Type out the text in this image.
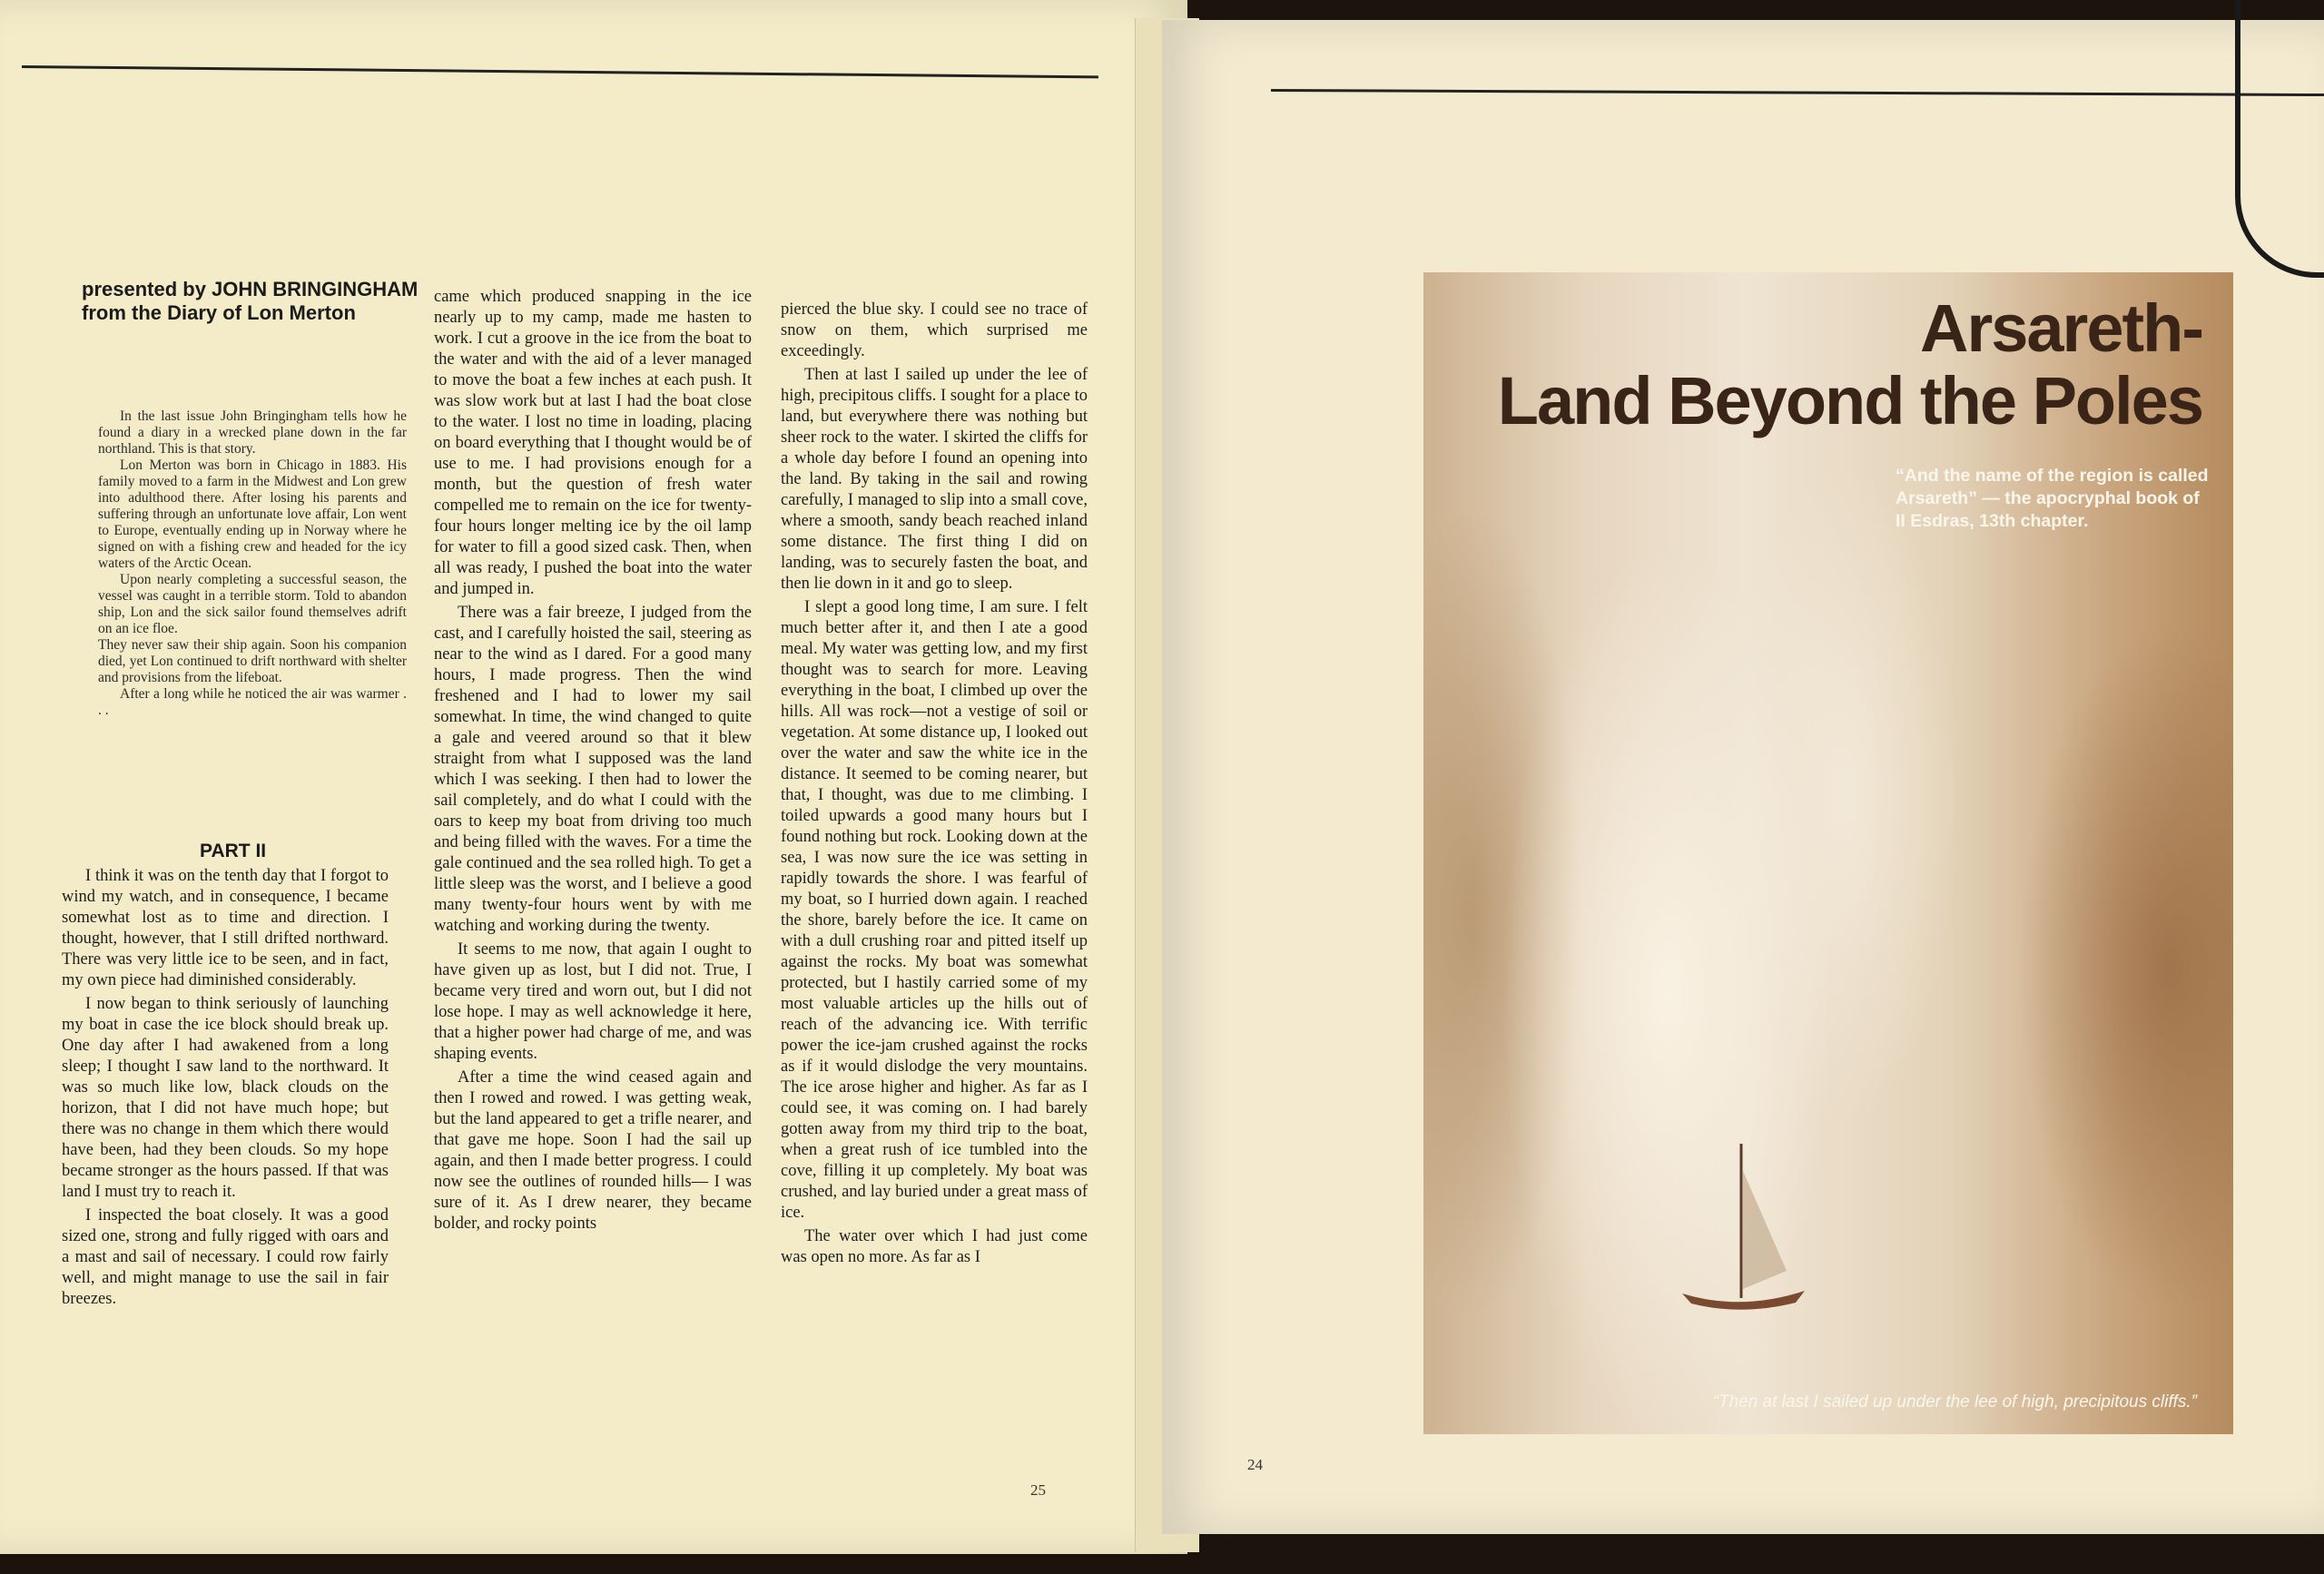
presented by JOHN BRINGINGHAM
from the Diary of Lon Merton

In the last issue John Bringingham tells how he found a diary in a wrecked plane down in the far northland. This is that story.

Lon Merton was born in Chicago in 1883. His family moved to a farm in the Midwest and Lon grew into adulthood there. After losing his parents and suffering through an unfortunate love affair, Lon went to Europe, eventually ending up in Norway where he signed on with a fishing crew and headed for the icy waters of the Arctic Ocean.

Upon nearly completing a successful season, the vessel was caught in a terrible storm. Told to abandon ship, Lon and the sick sailor found themselves adrift on an ice floe.

They never saw their ship again. Soon his companion died, yet Lon continued to drift northward with shelter and provisions from the lifeboat.

After a long while he noticed the air was warmer . . .

PART II

I think it was on the tenth day that I forgot to wind my watch, and in consequence, I became somewhat lost as to time and direction. I thought, however, that I still drifted northward. There was very little ice to be seen, and in fact, my own piece had diminished considerably.

I now began to think seriously of launching my boat in case the ice block should break up. One day after I had awakened from a long sleep; I thought I saw land to the northward. It was so much like low, black clouds on the horizon, that I did not have much hope; but there was no change in them which there would have been, had they been clouds. So my hope became stronger as the hours passed. If that was land I must try to reach it.

I inspected the boat closely. It was a good sized one, strong and fully rigged with oars and a mast and sail of necessary. I could row fairly well, and might manage to use the sail in fair breezes.

came which produced snapping in the ice nearly up to my camp, made me hasten to work. I cut a groove in the ice from the boat to the water and with the aid of a lever managed to move the boat a few inches at each push. It was slow work but at last I had the boat close to the water. I lost no time in loading, placing on board everything that I thought would be of use to me. I had provisions enough for a month, but the question of fresh water compelled me to remain on the ice for twenty-four hours longer melting ice by the oil lamp for water to fill a good sized cask. Then, when all was ready, I pushed the boat into the water and jumped in.

There was a fair breeze, I judged from the cast, and I carefully hoisted the sail, steering as near to the wind as I dared. For a good many hours, I made progress. Then the wind freshened and I had to lower my sail somewhat. In time, the wind changed to quite a gale and veered around so that it blew straight from what I supposed was the land which I was seeking. I then had to lower the sail completely, and do what I could with the oars to keep my boat from driving too much and being filled with the waves. For a time the gale continued and the sea rolled high. To get a little sleep was the worst, and I believe a good many twenty-four hours went by with me watching and working during the twenty.

It seems to me now, that again I ought to have given up as lost, but I did not. True, I became very tired and worn out, but I did not lose hope. I may as well acknowledge it here, that a higher power had charge of me, and was shaping events.

After a time the wind ceased again and then I rowed and rowed. I was getting weak, but the land appeared to get a trifle nearer, and that gave me hope. Soon I had the sail up again, and then I made better progress. I could now see the outlines of rounded hills— I was sure of it. As I drew nearer, they became bolder, and rocky points

pierced the blue sky. I could see no trace of snow on them, which surprised me exceedingly.

Then at last I sailed up under the lee of high, precipitous cliffs. I sought for a place to land, but everywhere there was nothing but sheer rock to the water. I skirted the cliffs for a whole day before I found an opening into the land. By taking in the sail and rowing carefully, I managed to slip into a small cove, where a smooth, sandy beach reached inland some distance. The first thing I did on landing, was to securely fasten the boat, and then lie down in it and go to sleep.

I slept a good long time, I am sure. I felt much better after it, and then I ate a good meal. My water was getting low, and my first thought was to search for more. Leaving everything in the boat, I climbed up over the hills. All was rock—not a vestige of soil or vegetation. At some distance up, I looked out over the water and saw the white ice in the distance. It seemed to be coming nearer, but that, I thought, was due to me climbing. I toiled upwards a good many hours but I found nothing but rock. Looking down at the sea, I was now sure the ice was setting in rapidly towards the shore. I was fearful of my boat, so I hurried down again. I reached the shore, barely before the ice. It came on with a dull crushing roar and pitted itself up against the rocks. My boat was somewhat protected, but I hastily carried some of my most valuable articles up the hills out of reach of the advancing ice. With terrific power the ice-jam crushed against the rocks as if it would dislodge the very mountains. The ice arose higher and higher. As far as I could see, it was coming on. I had barely gotten away from my third trip to the boat, when a great rush of ice tumbled into the cove, filling it up completely. My boat was crushed, and lay buried under a great mass of ice.

The water over which I had just come was open no more. As far as I

25
24
Arsareth-
Land Beyond the Poles
“And the name of the region is called Arsareth” — the apocryphal book of II Esdras, 13th chapter.
“Then at last I sailed up under the lee of high, precipitous cliffs.”
